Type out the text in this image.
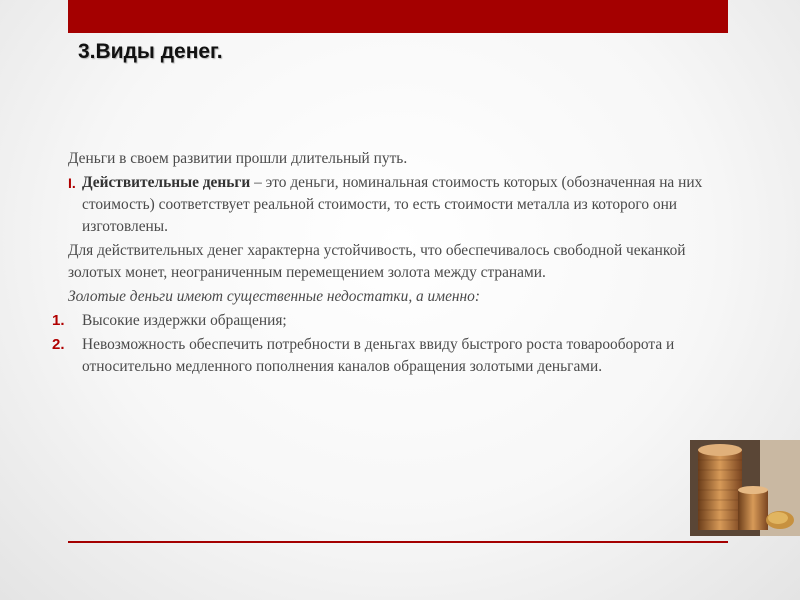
3.Виды денег.

Деньги в своем развитии прошли длительный путь.

I. Действительные деньги – это деньги, номинальная стоимость которых (обозначенная на них стоимость) соответствует реальной стоимости, то есть стоимости металла из которого они изготовлены.

Для действительных денег характерна устойчивость, что обеспечивалось свободной чеканкой золотых монет, неограниченным перемещением золота между странами.

Золотые деньги имеют существенные недостатки, а именно:

1. Высокие издержки обращения;
2. Невозможность обеспечить потребности в деньгах ввиду быстрого роста товарооборота и относительно медленного пополнения каналов обращения золотыми деньгами.
